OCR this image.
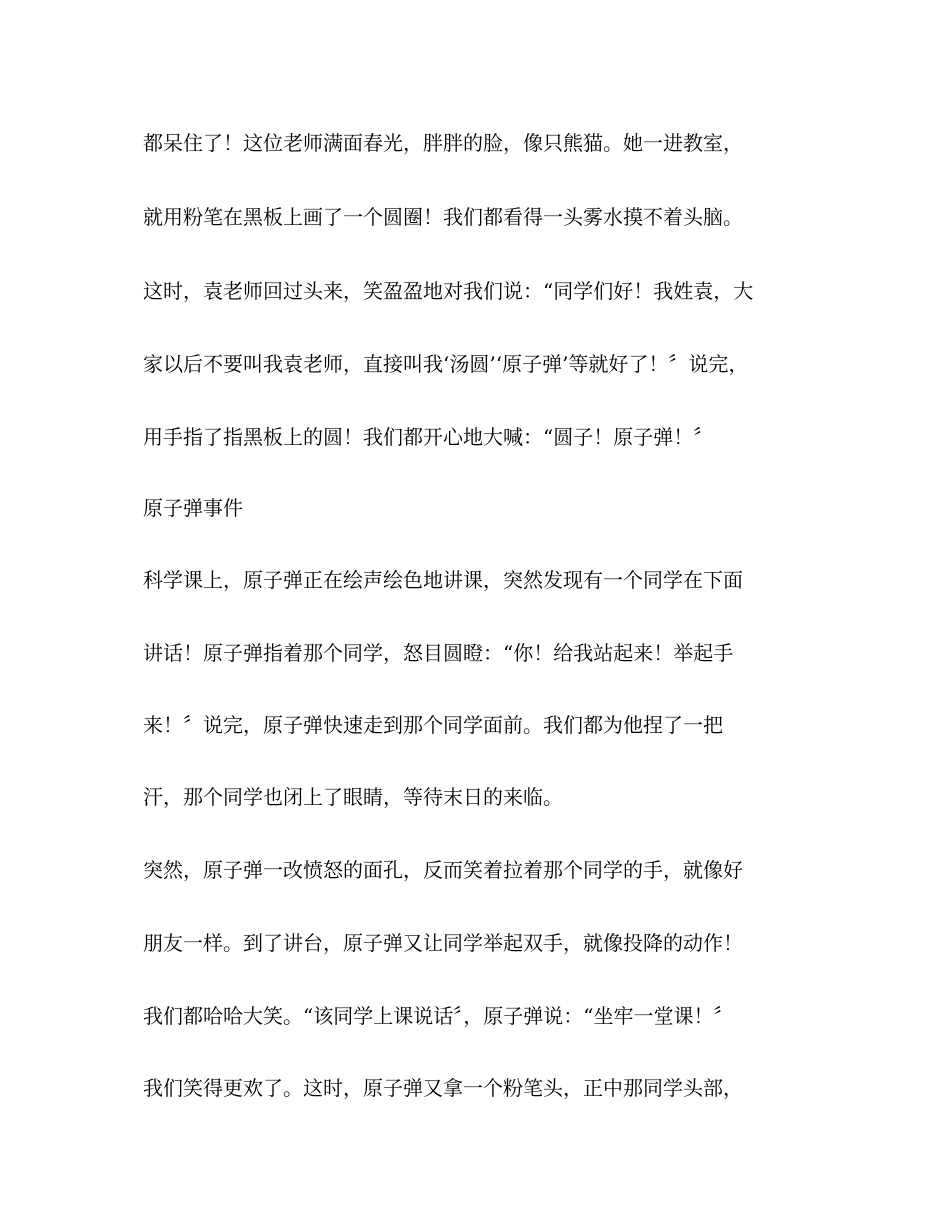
都呆住了！这位老师满面春光，胖胖的脸，像只熊猫。她一进教室，
就用粉笔在黑板上画了一个圆圈！我们都看得一头雾水摸不着头脑。
这时，袁老师回过头来，笑盈盈地对我们说：“同学们好！我姓袁，大
家以后不要叫我袁老师，直接叫我‘汤圆’‘原子弹’等就好了！〞说完，
用手指了指黑板上的圆！我们都开心地大喊：“圆子！原子弹！〞
原子弹事件
科学课上，原子弹正在绘声绘色地讲课，突然发现有一个同学在下面
讲话！原子弹指着那个同学，怒目圆瞪：“你！给我站起来！举起手
来！〞说完，原子弹快速走到那个同学面前。我们都为他捏了一把
汗，那个同学也闭上了眼睛，等待末日的来临。
突然，原子弹一改愤怒的面孔，反而笑着拉着那个同学的手，就像好
朋友一样。到了讲台，原子弹又让同学举起双手，就像投降的动作！
我们都哈哈大笑。“该同学上课说话〞，原子弹说：“坐牢一堂课！〞
我们笑得更欢了。这时，原子弹又拿一个粉笔头，正中那同学头部，
